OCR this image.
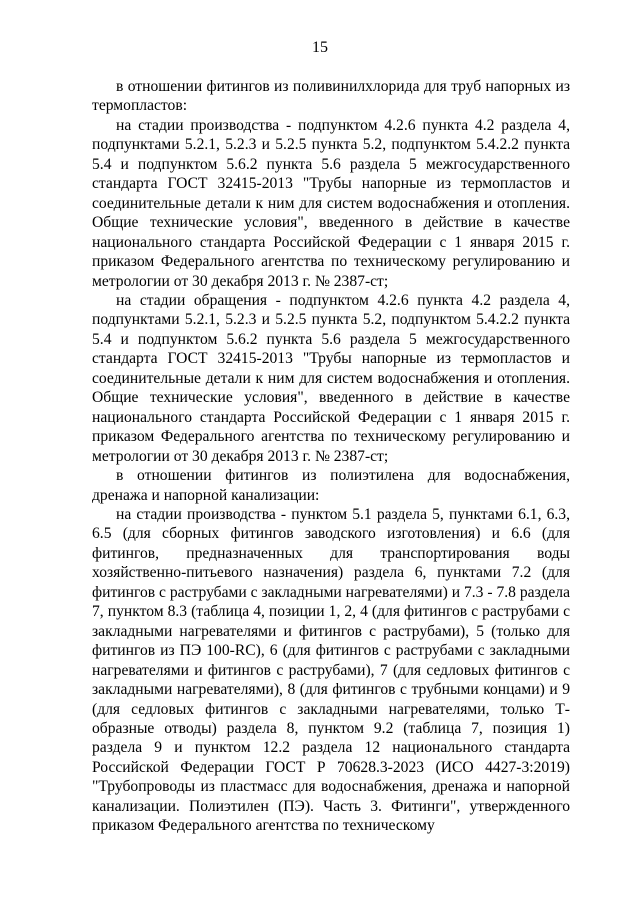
15

в отношении фитингов из поливинилхлорида для труб напорных из термопластов:

на стадии производства - подпунктом 4.2.6 пункта 4.2 раздела 4, подпунктами 5.2.1, 5.2.3 и 5.2.5 пункта 5.2, подпунктом 5.4.2.2 пункта 5.4 и подпунктом 5.6.2 пункта 5.6 раздела 5 межгосударственного стандарта ГОСТ 32415-2013 "Трубы напорные из термопластов и соединительные детали к ним для систем водоснабжения и отопления. Общие технические условия", введенного в действие в качестве национального стандарта Российской Федерации с 1 января 2015 г. приказом Федерального агентства по техническому регулированию и метрологии от 30 декабря 2013 г. № 2387-ст;

на стадии обращения - подпунктом 4.2.6 пункта 4.2 раздела 4, подпунктами 5.2.1, 5.2.3 и 5.2.5 пункта 5.2, подпунктом 5.4.2.2 пункта 5.4 и подпунктом 5.6.2 пункта 5.6 раздела 5 межгосударственного стандарта ГОСТ 32415-2013 "Трубы напорные из термопластов и соединительные детали к ним для систем водоснабжения и отопления. Общие технические условия", введенного в действие в качестве национального стандарта Российской Федерации с 1 января 2015 г. приказом Федерального агентства по техническому регулированию и метрологии от 30 декабря 2013 г. № 2387-ст;

в отношении фитингов из полиэтилена для водоснабжения, дренажа и напорной канализации:

на стадии производства - пунктом 5.1 раздела 5, пунктами 6.1, 6.3, 6.5 (для сборных фитингов заводского изготовления) и 6.6 (для фитингов, предназначенных для транспортирования воды хозяйственно-питьевого назначения) раздела 6, пунктами 7.2 (для фитингов с раструбами с закладными нагревателями) и 7.3 - 7.8 раздела 7, пунктом 8.3 (таблица 4, позиции 1, 2, 4 (для фитингов с раструбами с закладными нагревателями и фитингов с раструбами), 5 (только для фитингов из ПЭ 100-RC), 6 (для фитингов с раструбами с закладными нагревателями и фитингов с раструбами), 7 (для седловых фитингов с закладными нагревателями), 8 (для фитингов с трубными концами) и 9 (для седловых фитингов с закладными нагревателями, только Т-образные отводы) раздела 8, пунктом 9.2 (таблица 7, позиция 1) раздела 9 и пунктом 12.2 раздела 12 национального стандарта Российской Федерации ГОСТ Р 70628.3-2023 (ИСО 4427-3:2019) "Трубопроводы из пластмасс для водоснабжения, дренажа и напорной канализации. Полиэтилен (ПЭ). Часть 3. Фитинги", утвержденного приказом Федерального агентства по техническому
